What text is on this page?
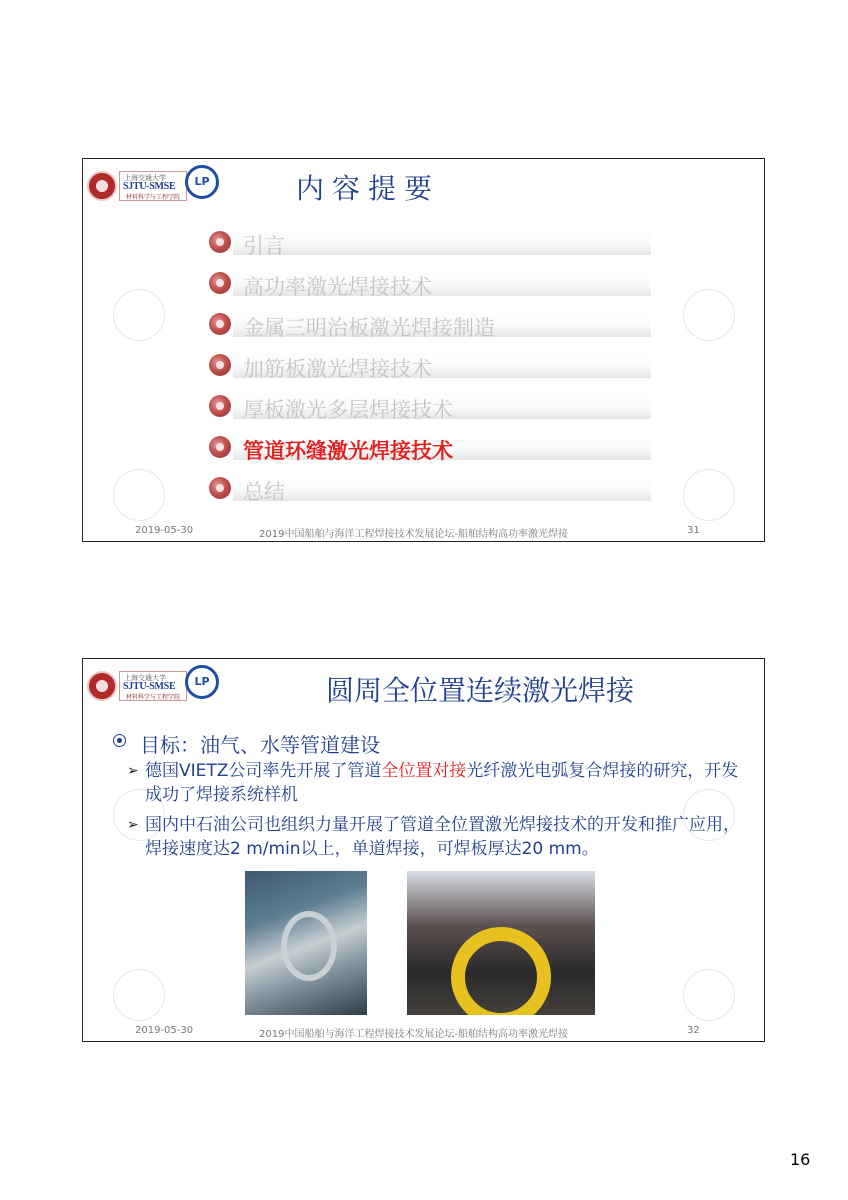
上海交通大学
SJTU-SMSE
材料科学与工程学院
LP	内容提要
引言
高功率激光焊接技术
金属三明治板激光焊接制造
加筋板激光焊接技术
厚板激光多层焊接技术
管道环缝激光焊接技术
总结
2019-05-30	2019中国船舶与海洋工程焊接技术发展论坛-船舶结构高功率激光焊接	31
上海交通大学
SJTU-SMSE
材料科学与工程学院
LP	圆周全位置连续激光焊接
目标：油气、水等管道建设
➢ 德国VIETZ公司率先开展了管道全位置对接光纤激光电弧复合焊接的研究，开发成功了焊接系统样机
➢ 国内中石油公司也组织力量开展了管道全位置激光焊接技术的开发和推广应用，焊接速度达2 m/min以上，单道焊接，可焊板厚达20 mm。
2019-05-30	2019中国船舶与海洋工程焊接技术发展论坛-船舶结构高功率激光焊接	32
16
